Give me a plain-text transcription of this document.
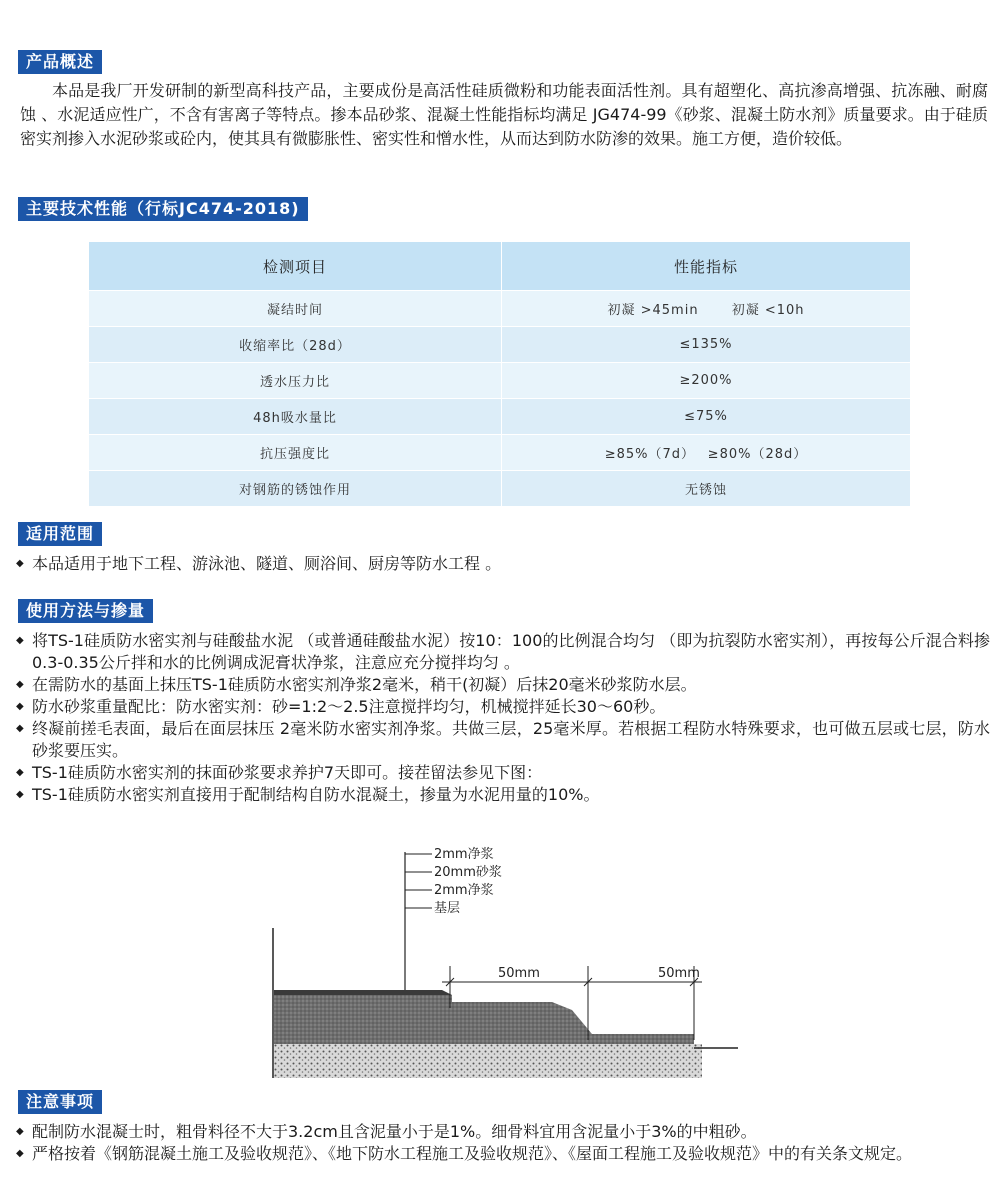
产品概述

本品是我厂开发研制的新型高科技产品，主要成份是高活性硅质微粉和功能表面活性剂。具有超塑化、高抗渗高增强、抗冻融、耐腐蚀 、水泥适应性广，不含有害离子等特点。掺本品砂浆、混凝土性能指标均满足 JG474-99《砂浆、混凝土防水剂》质量要求。由于硅质密实剂掺入水泥砂浆或砼内，使其具有微膨胀性、密实性和憎水性，从而达到防水防渗的效果。施工方便，造价较低。

主要技术性能（行标JC474-2018)
检测项目	性能指标
凝结时间	初凝 >45min　　 初凝 <10h
收缩率比（28d）	≤135%
透水压力比	≥200%
48h吸水量比	≤75%
抗压强度比	≥85%（7d）　 ≥80%（28d）
对钢筋的锈蚀作用	无锈蚀
适用范围
◆ 本品适用于地下工程、游泳池、隧道、厕浴间、厨房等防水工程 。
使用方法与掺量
◆ 将TS-1硅质防水密实剂与硅酸盐水泥 （或普通硅酸盐水泥）按10：100的比例混合均匀 （即为抗裂防水密实剂），再按每公斤混合料掺0.3-0.35公斤拌和水的比例调成泥膏状净浆，注意应充分搅拌均匀 。
◆ 在需防水的基面上抹压TS-1硅质防水密实剂净浆2毫米，稍干(初凝）后抹20毫米砂浆防水层。
◆ 防水砂浆重量配比：防水密实剂：砂=1:2～2.5注意搅拌均匀，机械搅拌延长30～60秒。
◆ 终凝前搓毛表面，最后在面层抹压 2毫米防水密实剂净浆。共做三层，25毫米厚。若根据工程防水特殊要求，也可做五层或七层，防水砂浆要压实。
◆ TS-1硅质防水密实剂的抹面砂浆要求养护7天即可。接茬留法参见下图：
◆ TS-1硅质防水密实剂直接用于配制结构自防水混凝土，掺量为水泥用量的10%。
2mm净浆
20mm砂浆
2mm净浆
基层
50mm	50mm
注意事项
◆ 配制防水混凝士时，粗骨料径不大于3.2cm且含泥量小于是1%。细骨料宜用含泥量小于3%的中粗砂。
◆ 严格按着《钢筋混凝土施工及验收规范》、《地下防水工程施工及验收规范》、《屋面工程施工及验收规范》中的有关条文规定。
